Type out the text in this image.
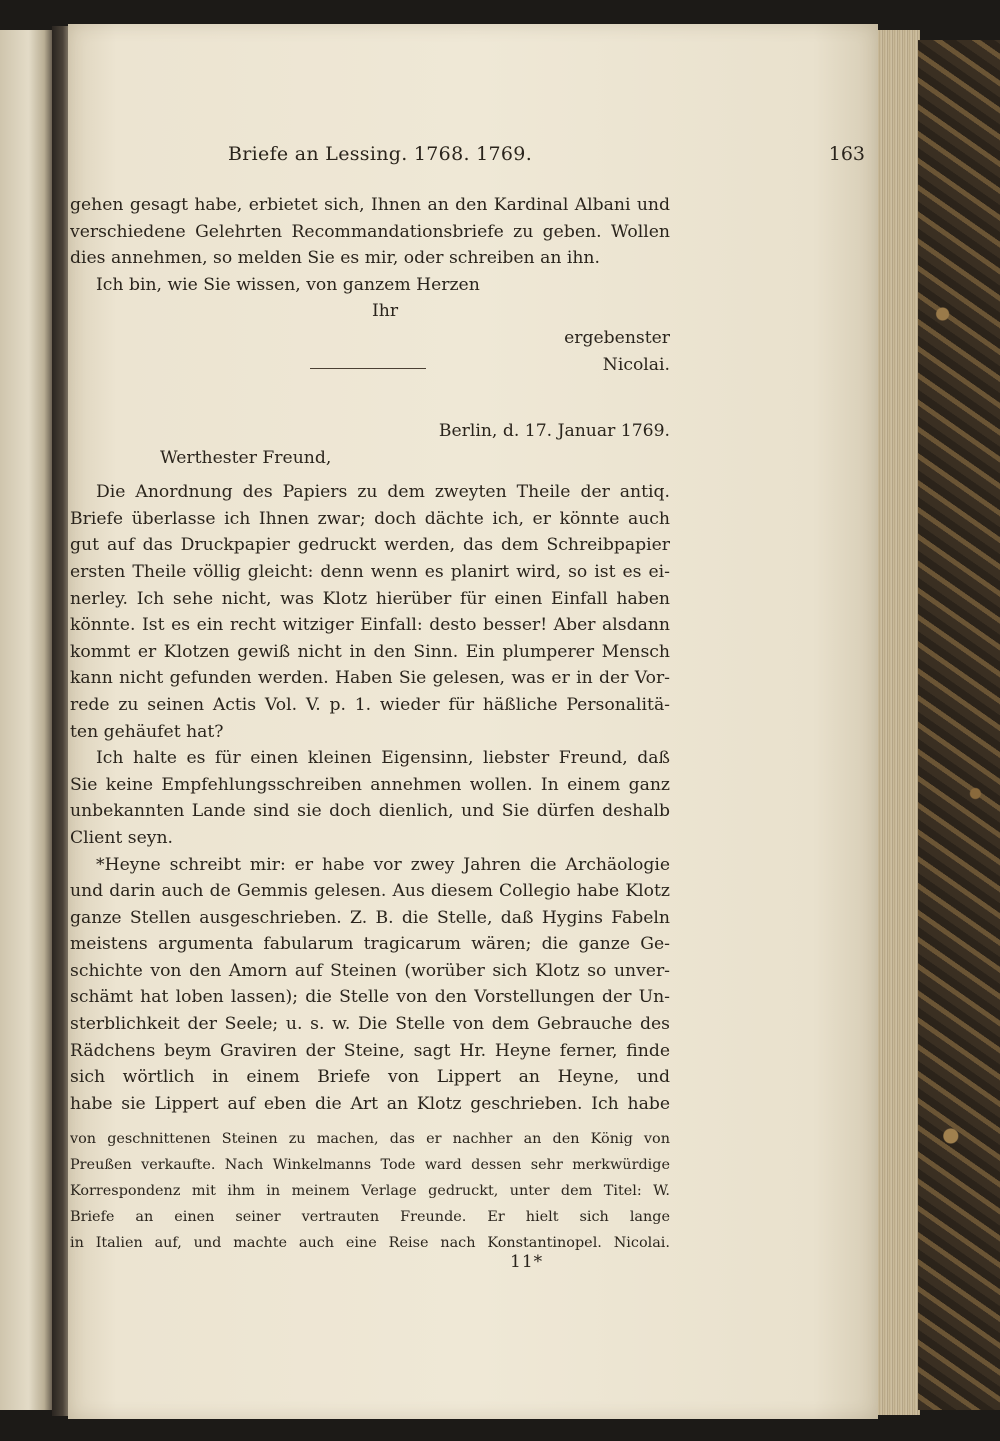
Briefe an Lessing. 1768. 1769.	163
gehen gesagt habe, erbietet sich, Ihnen an den Kardinal Albani und
verschiedene Gelehrten Recommandationsbriefe zu geben. Wollen
dies annehmen, so melden Sie es mir, oder schreiben an ihn.
Ich bin, wie Sie wissen, von ganzem Herzen
Ihr
ergebenster
Nicolai.
Berlin, d. 17. Januar 1769.
Werthester Freund,
Die Anordnung des Papiers zu dem zweyten Theile der antiq.
Briefe überlasse ich Ihnen zwar; doch dächte ich, er könnte auch
gut auf das Druckpapier gedruckt werden, das dem Schreibpapier
ersten Theile völlig gleicht: denn wenn es planirt wird, so ist es ei-
nerley. Ich sehe nicht, was Klotz hierüber für einen Einfall haben
könnte. Ist es ein recht witziger Einfall: desto besser! Aber alsdann
kommt er Klotzen gewiß nicht in den Sinn. Ein plumperer Mensch
kann nicht gefunden werden. Haben Sie gelesen, was er in der Vor-
rede zu seinen Actis Vol. V. p. 1. wieder für häßliche Personalitä-
ten gehäufet hat?
Ich halte es für einen kleinen Eigensinn, liebster Freund, daß
Sie keine Empfehlungsschreiben annehmen wollen. In einem ganz
unbekannten Lande sind sie doch dienlich, und Sie dürfen deshalb
Client seyn.
*Heyne schreibt mir: er habe vor zwey Jahren die Archäologie
und darin auch de Gemmis gelesen. Aus diesem Collegio habe Klotz
ganze Stellen ausgeschrieben. Z. B. die Stelle, daß Hygins Fabeln
meistens argumenta fabularum tragicarum wären; die ganze Ge-
schichte von den Amorn auf Steinen (worüber sich Klotz so unver-
schämt hat loben lassen); die Stelle von den Vorstellungen der Un-
sterblichkeit der Seele; u. s. w. Die Stelle von dem Gebrauche des
Rädchens beym Graviren der Steine, sagt Hr. Heyne ferner, finde
sich wörtlich in einem Briefe von Lippert an Heyne, und
habe sie Lippert auf eben die Art an Klotz geschrieben. Ich habe
von geschnittenen Steinen zu machen, das er nachher an den König von
Preußen verkaufte. Nach Winkelmanns Tode ward dessen sehr merkwürdige
Korrespondenz mit ihm in meinem Verlage gedruckt, unter dem Titel: W.
Briefe an einen seiner vertrauten Freunde. Er hielt sich lange
in Italien auf, und machte auch eine Reise nach Konstantinopel. Nicolai.
11*
